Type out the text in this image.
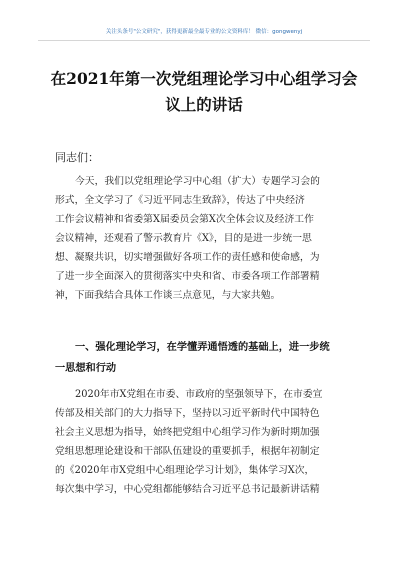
关注头条号"公文研究"，获得更新最全最专业的公文资料库！ 微信：gongwenyj
在2021年第一次党组理论学习中心组学习会
议上的讲话
同志们：
今天，我们以党组理论学习中心组（扩大）专题学习会的
形式，全文学习了《习近平同志生致辞》，传达了中央经济
工作会议精神和省委第X届委员会第X次全体会议及经济工作
会议精神，还观看了警示教育片《X》，目的是进一步统一思
想、凝聚共识，切实增强做好各项工作的责任感和使命感，为
了进一步全面深入的贯彻落实中央和省、市委各项工作部署精
神，下面我结合具体工作谈三点意见，与大家共勉。
一、强化理论学习，在学懂弄通悟透的基础上，进一步统
一思想和行动
2020年市X党组在市委、市政府的坚强领导下，在市委宣
传部及相关部门的大力指导下，坚持以习近平新时代中国特色
社会主义思想为指导，始终把党组中心组学习作为新时期加强
党组思想理论建设和干部队伍建设的重要抓手，根据年初制定
的《2020年市X党组中心组理论学习计划》，集体学习X次，
每次集中学习，中心党组都能够结合习近平总书记最新讲话精
